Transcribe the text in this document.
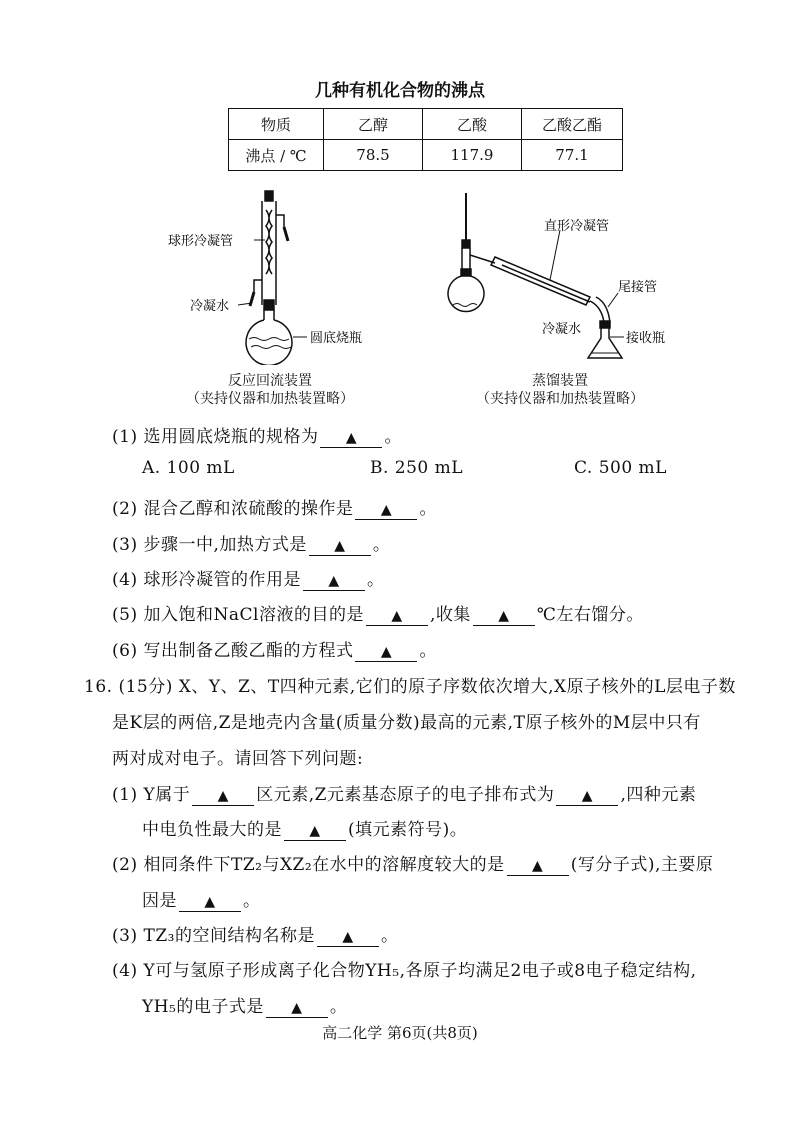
几种有机化合物的沸点
物质	乙醇	乙酸	乙酸乙酯
沸点 / ℃	78.5	117.9	77.1
球形冷凝管
冷凝水
圆底烧瓶
反应回流装置
（夹持仪器和加热装置略）
直形冷凝管
尾接管
冷凝水
接收瓶
蒸馏装置
（夹持仪器和加热装置略）
(1) 选用圆底烧瓶的规格为 ▲ 。
A. 100 mL	B. 250 mL	C. 500 mL
(2) 混合乙醇和浓硫酸的操作是 ▲ 。
(3) 步骤一中,加热方式是 ▲ 。
(4) 球形冷凝管的作用是 ▲ 。
(5) 加入饱和NaCl溶液的目的是 ▲ ,收集 ▲ ℃左右馏分。
(6) 写出制备乙酸乙酯的方程式 ▲ 。
16. (15分) X、Y、Z、T四种元素,它们的原子序数依次增大,X原子核外的L层电子数
是K层的两倍,Z是地壳内含量(质量分数)最高的元素,T原子核外的M层中只有
两对成对电子。请回答下列问题:
(1) Y属于 ▲ 区元素,Z元素基态原子的电子排布式为 ▲ ,四种元素
中电负性最大的是 ▲ (填元素符号)。
(2) 相同条件下TZ₂与XZ₂在水中的溶解度较大的是 ▲ (写分子式),主要原
因是 ▲ 。
(3) TZ₃的空间结构名称是 ▲ 。
(4) Y可与氢原子形成离子化合物YH₅,各原子均满足2电子或8电子稳定结构,
YH₅的电子式是 ▲ 。
高二化学 第6页(共8页)
